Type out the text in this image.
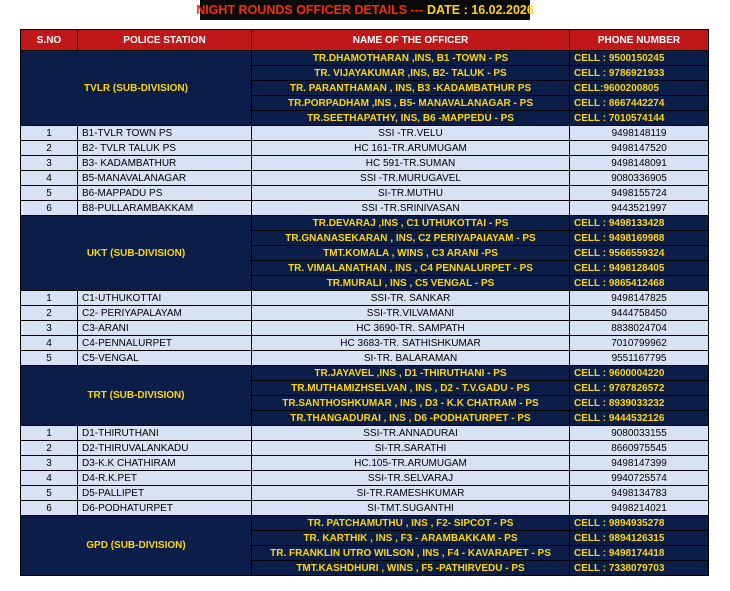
NIGHT ROUNDS OFFICER DETAILS --- DATE : 16.02.2026
S.NO	POLICE STATION	NAME OF THE OFFICER	PHONE NUMBER
TVLR (SUB-DIVISION)		TR.DHAMOTHARAN ,INS, B1 -TOWN - PS	CELL : 9500150245
		TR. VIJAYAKUMAR ,INS, B2- TALUK - PS	CELL : 9786921933
		TR. PARANTHAMAN , INS, B3 -KADAMBATHUR PS	CELL:9600200805
		TR.PORPADHAM ,INS , B5- MANAVALANAGAR - PS	CELL : 8667442274
		TR.SEETHAPATHY, INS, B6 -MAPPEDU - PS	CELL : 7010574144
1	B1-TVLR TOWN PS	SSI -TR.VELU	9498148119
2	B2- TVLR TALUK PS	HC 161-TR.ARUMUGAM	9498147520
3	B3- KADAMBATHUR	HC 591-TR.SUMAN	9498148091
4	B5-MANAVALANAGAR	SSI -TR.MURUGAVEL	9080336905
5	B6-MAPPADU PS	SI-TR.MUTHU	9498155724
6	B8-PULLARAMBAKKAM	SSI -TR.SRINIVASAN	9443521997
UKT (SUB-DIVISION)		TR.DEVARAJ ,INS , C1 UTHUKOTTAI - PS	CELL : 9498133428
		TR.GNANASEKARAN , INS, C2 PERIYAPAIAYAM - PS	CELL : 9498169988
		TMT.KOMALA , WINS , C3 ARANI -PS	CELL : 9566559324
		TR. VIMALANATHAN , INS , C4 PENNALURPET - PS	CELL : 9498128405
		TR.MURALI , INS , C5 VENGAL - PS	CELL : 9865412468
1	C1-UTHUKOTTAI	SSI-TR. SANKAR	9498147825
2	C2- PERIYAPALAYAM	SSI-TR.VILVAMANI	9444758450
3	C3-ARANI	HC 3690-TR. SAMPATH	8838024704
4	C4-PENNALURPET	HC 3683-TR. SATHISHKUMAR	7010799962
5	C5-VENGAL	SI-TR. BALARAMAN	9551167795
TRT (SUB-DIVISION)		TR.JAYAVEL ,INS , D1 -THIRUTHANI - PS	CELL : 9600004220
		TR.MUTHAMIZHSELVAN , INS , D2 - T.V.GADU - PS	CELL : 9787826572
		TR.SANTHOSHKUMAR , INS , D3 - K.K CHATRAM - PS	CELL : 8939033232
		TR.THANGADURAI , INS , D6 -PODHATURPET - PS	CELL : 9444532126
1	D1-THIRUTHANI	SSI-TR.ANNADURAI	9080033155
2	D2-THIRUVALANKADU	SI-TR.SARATHI	8660975545
3	D3-K.K CHATHIRAM	HC.105-TR.ARUMUGAM	9498147399
4	D4-R.K.PET	SSI-TR.SELVARAJ	9940725574
5	D5-PALLIPET	SI-TR.RAMESHKUMAR	9498134783
6	D6-PODHATURPET	SI-TMT.SUGANTHI	9498214021
GPD (SUB-DIVISION)		TR. PATCHAMUTHU , INS , F2- SIPCOT - PS	CELL : 9894935278
		TR. KARTHIK , INS , F3 - ARAMBAKKAM - PS	CELL : 9894126315
		TR. FRANKLIN UTRO WILSON , INS , F4 - KAVARAPET - PS	CELL : 9498174418
		TMT.KASHDHURI , WINS , F5 -PATHIRVEDU - PS	CELL : 7338079703
